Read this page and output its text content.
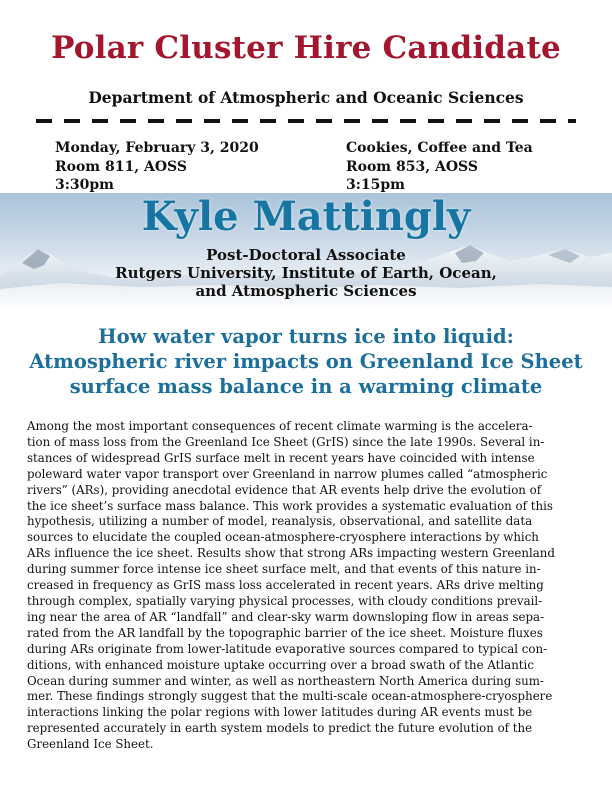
Polar Cluster Hire Candidate
Department of Atmospheric and Oceanic Sciences
Monday, February 3, 2020
Room 811, AOSS
3:30pm
Cookies, Coffee and Tea
Room 853, AOSS
3:15pm
Kyle Mattingly
Post-Doctoral Associate
Rutgers University, Institute of Earth, Ocean,
and Atmospheric Sciences
How water vapor turns ice into liquid:
Atmospheric river impacts on Greenland Ice Sheet
surface mass balance in a warming climate
Among the most important consequences of recent climate warming is the accelera-
tion of mass loss from the Greenland Ice Sheet (GrIS) since the late 1990s. Several in-
stances of widespread GrIS surface melt in recent years have coincided with intense
poleward water vapor transport over Greenland in narrow plumes called “atmospheric
rivers” (ARs), providing anecdotal evidence that AR events help drive the evolution of
the ice sheet’s surface mass balance. This work provides a systematic evaluation of this
hypothesis, utilizing a number of model, reanalysis, observational, and satellite data
sources to elucidate the coupled ocean-atmosphere-cryosphere interactions by which
ARs influence the ice sheet. Results show that strong ARs impacting western Greenland
during summer force intense ice sheet surface melt, and that events of this nature in-
creased in frequency as GrIS mass loss accelerated in recent years. ARs drive melting
through complex, spatially varying physical processes, with cloudy conditions prevail-
ing near the area of AR “landfall” and clear-sky warm downsloping flow in areas sepa-
rated from the AR landfall by the topographic barrier of the ice sheet. Moisture fluxes
during ARs originate from lower-latitude evaporative sources compared to typical con-
ditions, with enhanced moisture uptake occurring over a broad swath of the Atlantic
Ocean during summer and winter, as well as northeastern North America during sum-
mer. These findings strongly suggest that the multi-scale ocean-atmosphere-cryosphere
interactions linking the polar regions with lower latitudes during AR events must be
represented accurately in earth system models to predict the future evolution of the
Greenland Ice Sheet.
